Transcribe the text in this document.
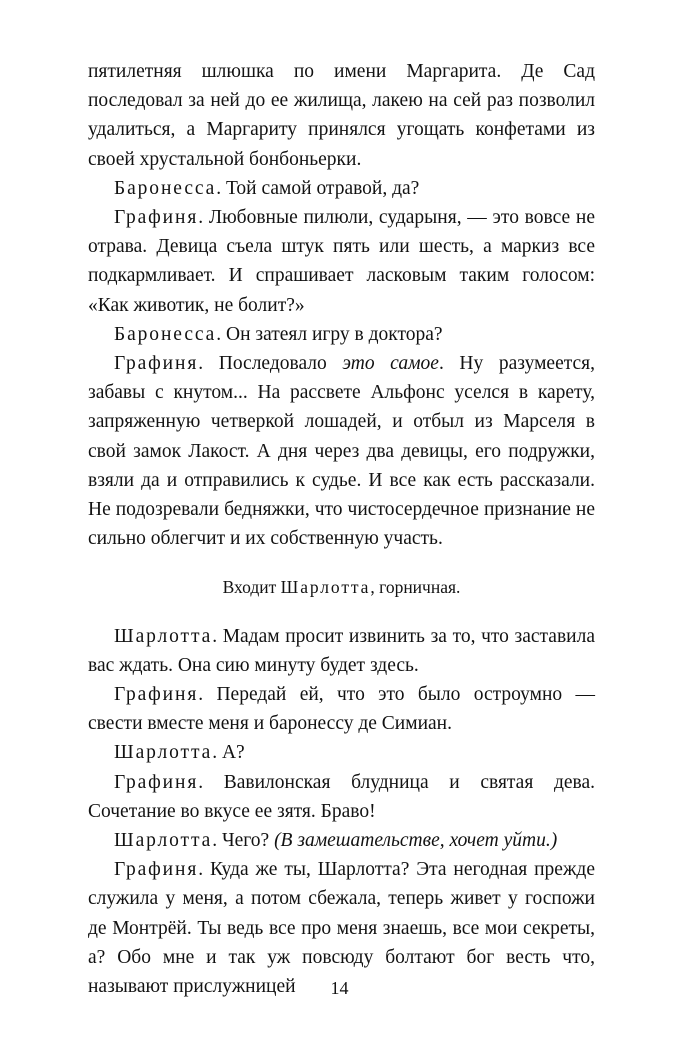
пятилетняя шлюшка по имени Маргарита. Де Сад последовал за ней до ее жилища, лакею на сей раз позволил удалиться, а Маргариту принялся угощать конфетами из своей хрустальной бонбоньерки.

Баронесса. Той самой отравой, да?

Графиня. Любовные пилюли, сударыня, — это вовсе не отрава. Девица съела штук пять или шесть, а маркиз все подкармливает. И спрашивает ласковым таким голосом: «Как животик, не болит?»

Баронесса. Он затеял игру в доктора?

Графиня. Последовало это самое. Ну разумеется, забавы с кнутом... На рассвете Альфонс уселся в карету, запряженную четверкой лошадей, и отбыл из Марселя в свой замок Лакост. А дня через два девицы, его подружки, взяли да и отправились к судье. И все как есть рассказали. Не подозревали бедняжки, что чистосердечное признание не сильно облегчит и их собственную участь.

Входит Шарлотта, горничная.

Шарлотта. Мадам просит извинить за то, что заставила вас ждать. Она сию минуту будет здесь.

Графиня. Передай ей, что это было остроумно — свести вместе меня и баронессу де Симиан.

Шарлотта. А?

Графиня. Вавилонская блудница и святая дева. Сочетание во вкусе ее зятя. Браво!

Шарлотта. Чего? (В замешательстве, хочет уйти.)

Графиня. Куда же ты, Шарлотта? Эта негодная прежде служила у меня, а потом сбежала, теперь живет у госпожи де Монтрёй. Ты ведь все про меня знаешь, все мои секреты, а? Обо мне и так уж повсюду болтают бог весть что, называют прислужницей	14
